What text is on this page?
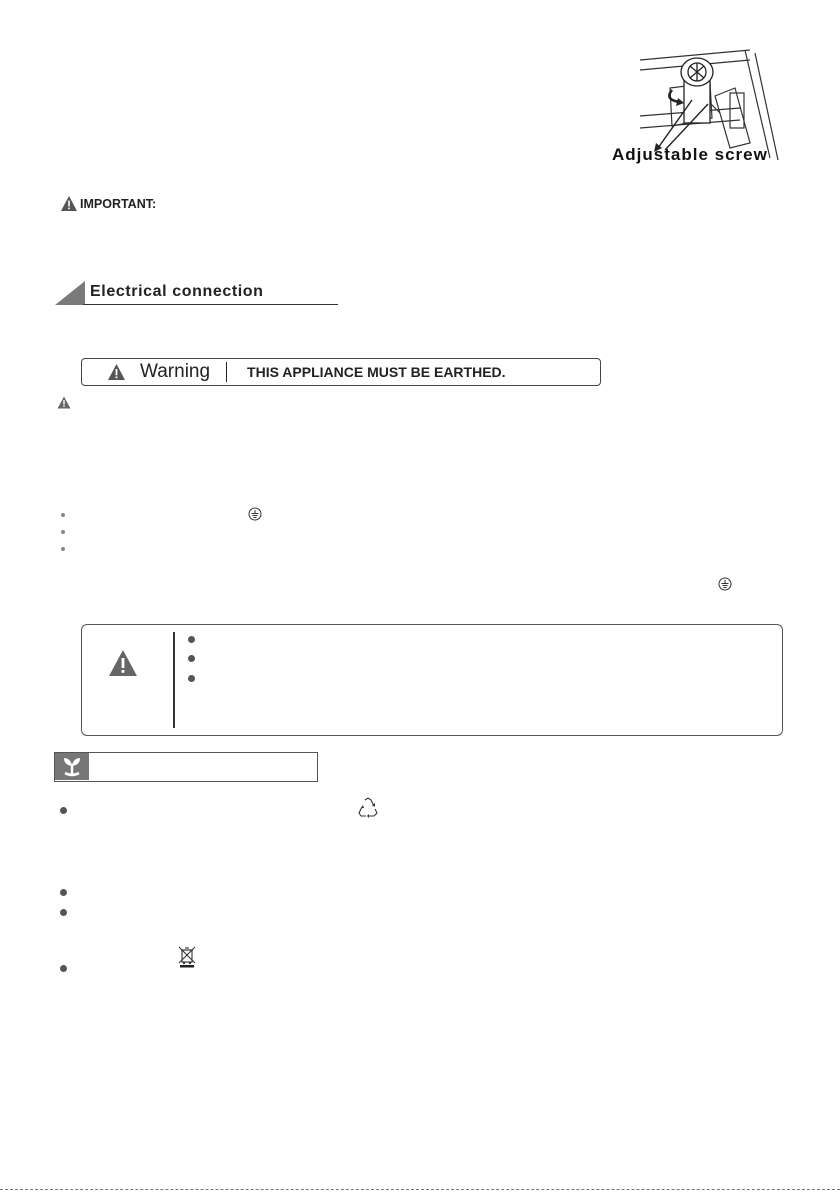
Adjustable screw
IMPORTANT:
Electrical connection
Warning	THIS APPLIANCE MUST BE EARTHED.
